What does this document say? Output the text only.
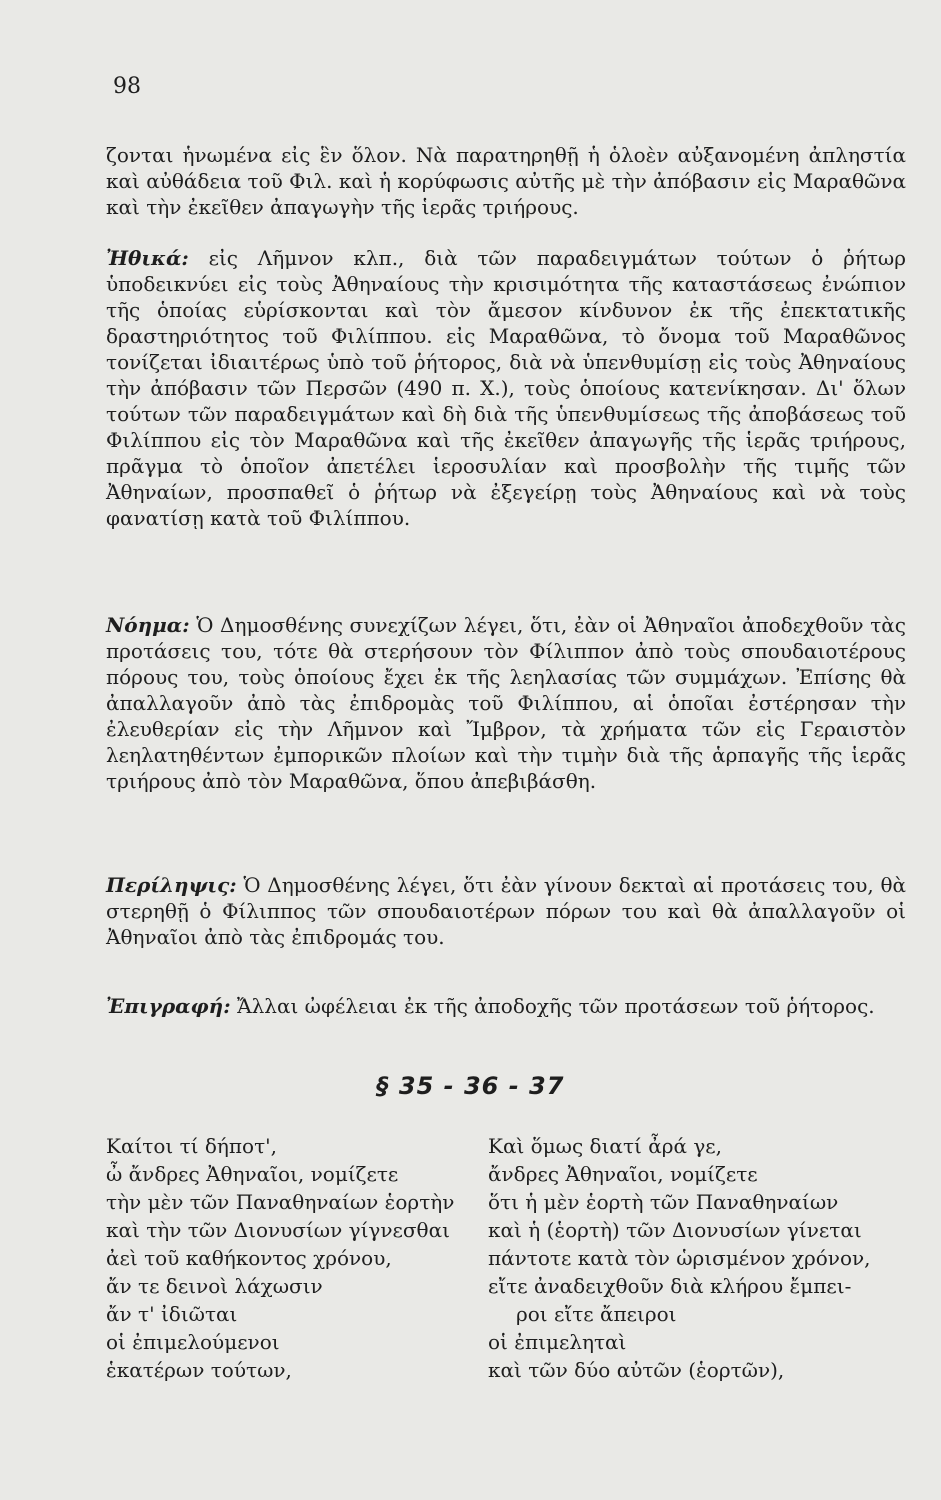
98
ζονται ἡνωμένα εἰς ἓν ὅλον. Νὰ παρατηρηθῇ ἡ ὁλοὲν αὐξανομένη ἀπληστία καὶ αὐθάδεια τοῦ Φιλ. καὶ ἡ κορύφωσις αὐτῆς μὲ τὴν ἀπόβασιν εἰς Μαραθῶνα καὶ τὴν ἐκεῖθεν ἀπαγωγὴν τῆς ἱερᾶς τριήρους.
Ἠθικά: εἰς Λῆμνον κλπ., διὰ τῶν παραδειγμάτων τούτων ὁ ῥήτωρ ὑποδεικνύει εἰς τοὺς Ἀθηναίους τὴν κρισιμότητα τῆς καταστάσεως ἐνώπιον τῆς ὁποίας εὑρίσκονται καὶ τὸν ἄμεσον κίνδυνον ἐκ τῆς ἐπεκτατικῆς δραστηριότητος τοῦ Φιλίππου. εἰς Μαραθῶνα, τὸ ὄνομα τοῦ Μαραθῶνος τονίζεται ἰδιαιτέρως ὑπὸ τοῦ ῥήτορος, διὰ νὰ ὑπενθυμίσῃ εἰς τοὺς Ἀθηναίους τὴν ἀπόβασιν τῶν Περσῶν (490 π. Χ.), τοὺς ὁποίους κατενίκησαν. Δι' ὅλων τούτων τῶν παραδειγμάτων καὶ δὴ διὰ τῆς ὑπενθυμίσεως τῆς ἀποβάσεως τοῦ Φιλίππου εἰς τὸν Μαραθῶνα καὶ τῆς ἐκεῖθεν ἀπαγωγῆς τῆς ἱερᾶς τριήρους, πρᾶγμα τὸ ὁποῖον ἀπετέλει ἱεροσυλίαν καὶ προσβολὴν τῆς τιμῆς τῶν Ἀθηναίων, προσπαθεῖ ὁ ῥήτωρ νὰ ἐξεγείρῃ τοὺς Ἀθηναίους καὶ νὰ τοὺς φανατίσῃ κατὰ τοῦ Φιλίππου.
Νόημα: Ὁ Δημοσθένης συνεχίζων λέγει, ὅτι, ἐὰν οἱ Ἀθηναῖοι ἀποδεχθοῦν τὰς προτάσεις του, τότε θὰ στερήσουν τὸν Φίλιππον ἀπὸ τοὺς σπουδαιοτέρους πόρους του, τοὺς ὁποίους ἔχει ἐκ τῆς λεηλασίας τῶν συμμάχων. Ἐπίσης θὰ ἀπαλλαγοῦν ἀπὸ τὰς ἐπιδρομὰς τοῦ Φιλίππου, αἱ ὁποῖαι ἐστέρησαν τὴν ἐλευθερίαν εἰς τὴν Λῆμνον καὶ Ἴμβρον, τὰ χρήματα τῶν εἰς Γεραιστὸν λεηλατηθέντων ἐμπορικῶν πλοίων καὶ τὴν τιμὴν διὰ τῆς ἁρπαγῆς τῆς ἱερᾶς τριήρους ἀπὸ τὸν Μαραθῶνα, ὅπου ἀπεβιβάσθη.
Περίληψις: Ὁ Δημοσθένης λέγει, ὅτι ἐὰν γίνουν δεκταὶ αἱ προτάσεις του, θὰ στερηθῇ ὁ Φίλιππος τῶν σπουδαιοτέρων πόρων του καὶ θὰ ἀπαλλαγοῦν οἱ Ἀθηναῖοι ἀπὸ τὰς ἐπιδρομάς του.
Ἐπιγραφή: Ἄλλαι ὠφέλειαι ἐκ τῆς ἀποδοχῆς τῶν προτάσεων τοῦ ῥήτορος.
§ 35 - 36 - 37
Καίτοι τί δήποτ',
ὦ ἄνδρες Ἀθηναῖοι, νομίζετε
τὴν μὲν τῶν Παναθηναίων ἑορτὴν
καὶ τὴν τῶν Διονυσίων γίγνεσθαι
ἀεὶ τοῦ καθήκοντος χρόνου,
ἄν τε δεινοὶ λάχωσιν
ἄν τ' ἰδιῶται
οἱ ἐπιμελούμενοι
ἑκατέρων τούτων,
Καὶ ὅμως διατί ἆρά γε,
ἄνδρες Ἀθηναῖοι, νομίζετε
ὅτι ἡ μὲν ἑορτὴ τῶν Παναθηναίων
καὶ ἡ (ἑορτὴ) τῶν Διονυσίων γίνεται
πάντοτε κατὰ τὸν ὡρισμένον χρόνον,
εἴτε ἀναδειχθοῦν διὰ κλήρου ἔμπει-
ροι εἴτε ἄπειροι
οἱ ἐπιμεληταὶ
καὶ τῶν δύο αὐτῶν (ἑορτῶν),
